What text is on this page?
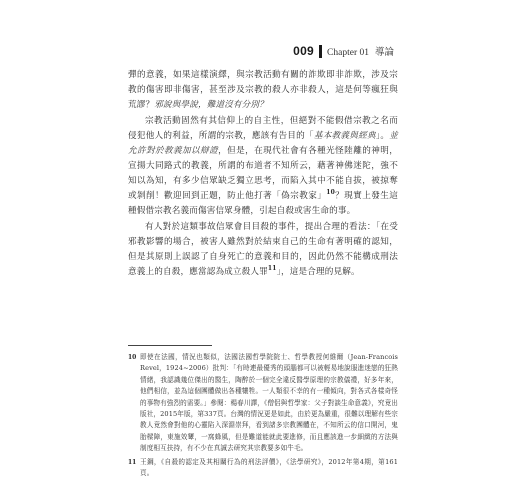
009 Chapter 01 導論

彈的意義，如果這樣演繹，與宗教活動有關的詐欺即非詐欺，涉及宗教的傷害即非傷害，甚至涉及宗教的殺人亦非殺人，這是何等瘋狂與荒謬？邪說與學說，難道沒有分別？

宗教活動固然有其信仰上的自主性，但絕對不能假借宗教之名而侵犯他人的利益，所謂的宗教，應該有告目的「基本教義與經典」。並允許對於教義加以辯證，但是，在現代社會有各種光怪陸離的神明，宣揚大同路式的教義，所謂的布道者不知所云，藉著神佛迷陀，強不知以為知，有多少信眾缺乏獨立思考，而陷入其中不能自拔，被掠奪或剝削！歡迎回到正題，防止他打著「偽宗教家」$^{10}$？現實上發生這種假借宗教名義而傷害信眾身體，引起自殺或害生命的事。

有人對於這類事故信眾會目目殺的事件，提出合理的看法：「在受邪教影響的場合，被害人雖然對於結束自己的生命有著明確的認知，但是其原則上誤認了自身死亡的意義和目的，因此仍然不能構成刑法意義上的自殺，應當認為成立殺人罪$^{11}$」，這是合理的見解。

10 即使在法國，情況也類似，法國法國哲學院院士、哲學教授何維爾（Jean-Francois Revel，1924~2006）批判：「有時連最優秀的頭腦都可以被輕易地說服進迷戀的狂熱情緒，我認識幾位傑出的醫生，陶醉於一個完全違反醫學原理的宗教儀禮，好多年來，他們相信，並為這個團體做出各種犧牲。一人類很不幸的有一種傾向，對各式各樣奇怪的事物有強烈的需要。」參閱：楊春川譯，《僧侶與哲學家：父子對談生命意義》，究竟出版社，2015年版，第337頁。台灣的情況更是如此，由於更為嚴重，很難以理解有些宗教人竟然會對他的心靈陷入深淵崇拜，看到諸多宗教團體在，不知所云的信口開河，鬼胎樑障，東施效顰，一窩蜂風，但是難道能就此要進修，而且應該進一步細緻的方法與制度相互扶持，有不少在真誠去研究其宗教要多如牛毛。
11 王鋼，《自殺的認定及其相關行為的刑法評價》，《法學研究》，2012年第4期，第161頁。
